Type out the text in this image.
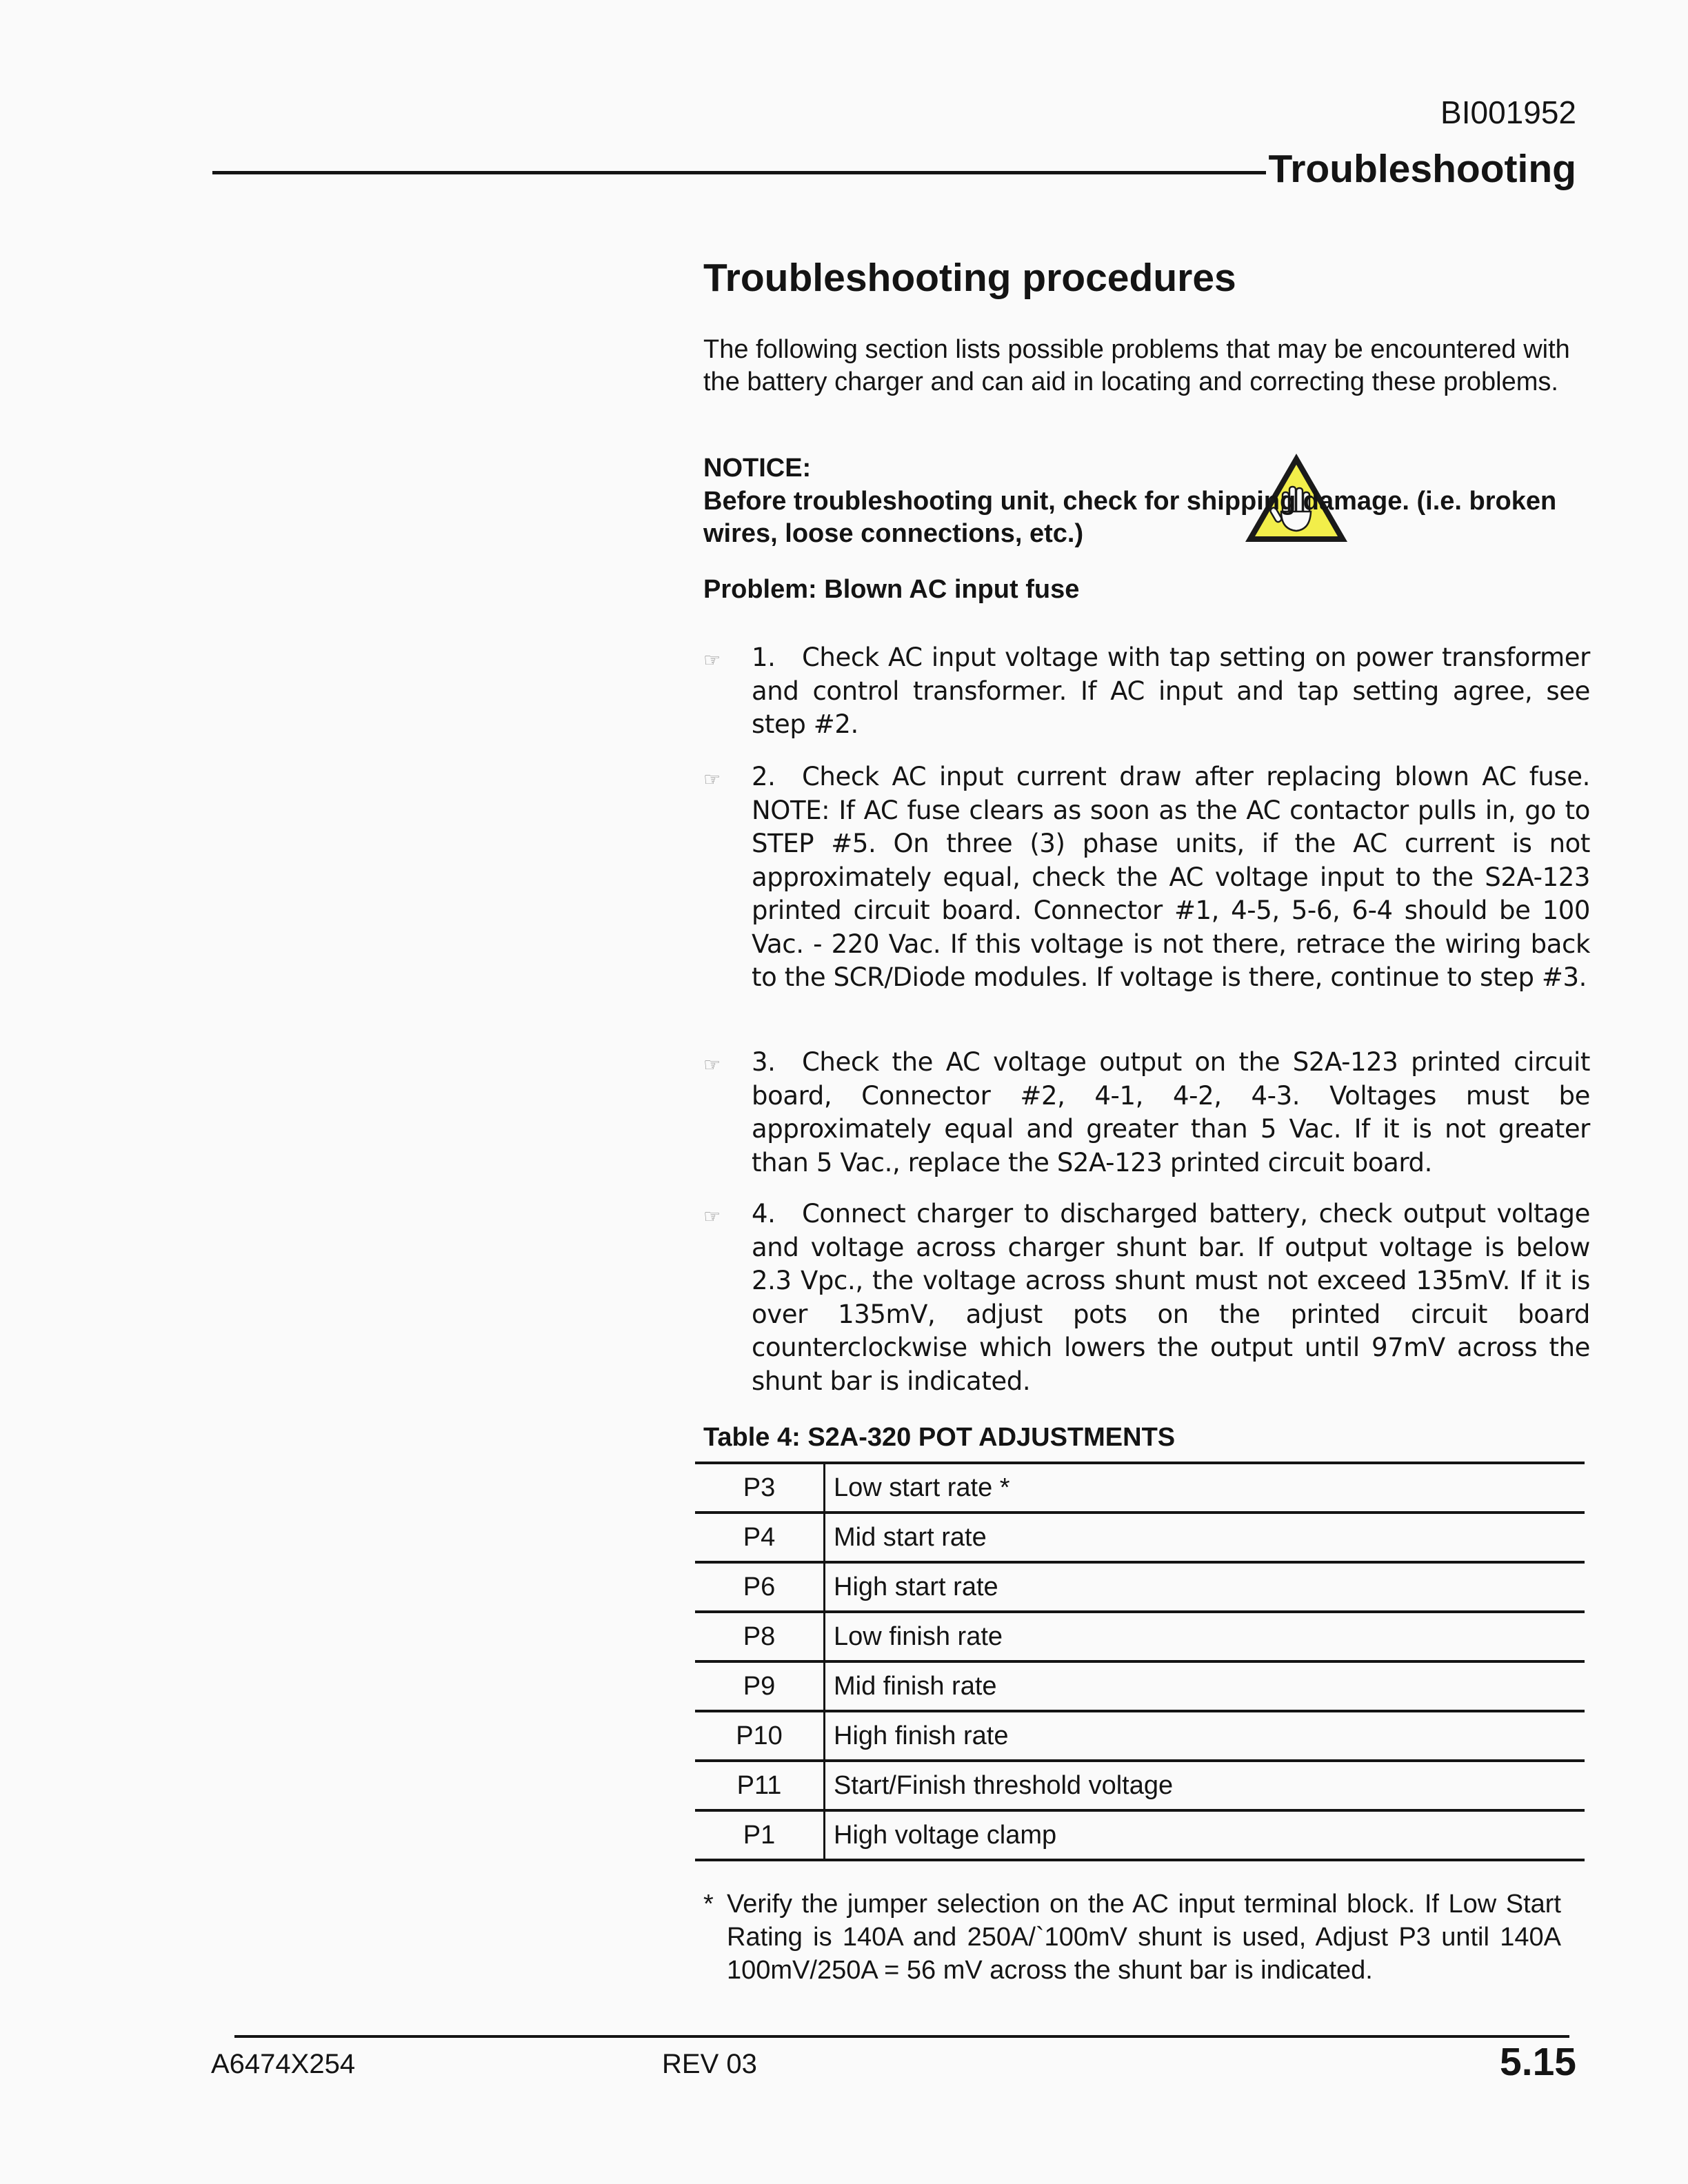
BI001952
Troubleshooting
Troubleshooting procedures
The following section lists possible problems that may be encountered with the battery charger and can aid in locating and correcting these problems.
NOTICE:
Before troubleshooting unit, check for shipping damage. (i.e. broken wires, loose connections, etc.)
Problem: Blown AC input fuse
☞ 1. Check AC input voltage with tap setting on power transformer and control transformer. If AC input and tap setting agree, see step #2.
☞ 2. Check AC input current draw after replacing blown AC fuse. NOTE: If AC fuse clears as soon as the AC contactor pulls in, go to STEP #5. On three (3) phase units, if the AC current is not approximately equal, check the AC voltage input to the S2A-123 printed circuit board. Connector #1, 4-5, 5-6, 6-4 should be 100 Vac. - 220 Vac. If this voltage is not there, retrace the wiring back to the SCR/Diode modules. If voltage is there, continue to step #3.
☞ 3. Check the AC voltage output on the S2A-123 printed circuit board, Connector #2, 4-1, 4-2, 4-3. Voltages must be approximately equal and greater than 5 Vac. If it is not greater than 5 Vac., replace the S2A-123 printed circuit board.
☞ 4. Connect charger to discharged battery, check output voltage and voltage across charger shunt bar. If output voltage is below 2.3 Vpc., the voltage across shunt must not exceed 135mV. If it is over 135mV, adjust pots on the printed circuit board counterclockwise which lowers the output until 97mV across the shunt bar is indicated.
Table 4: S2A-320 POT ADJUSTMENTS
P3	Low start rate *
P4	Mid start rate
P6	High start rate
P8	Low finish rate
P9	Mid finish rate
P10	High finish rate
P11	Start/Finish threshold voltage
P1	High voltage clamp
* Verify the jumper selection on the AC input terminal block. If Low Start Rating is 140A and 250A/`100mV shunt is used, Adjust P3 until 140A 100mV/250A = 56 mV across the shunt bar is indicated.
A6474X254	REV 03	5.15
